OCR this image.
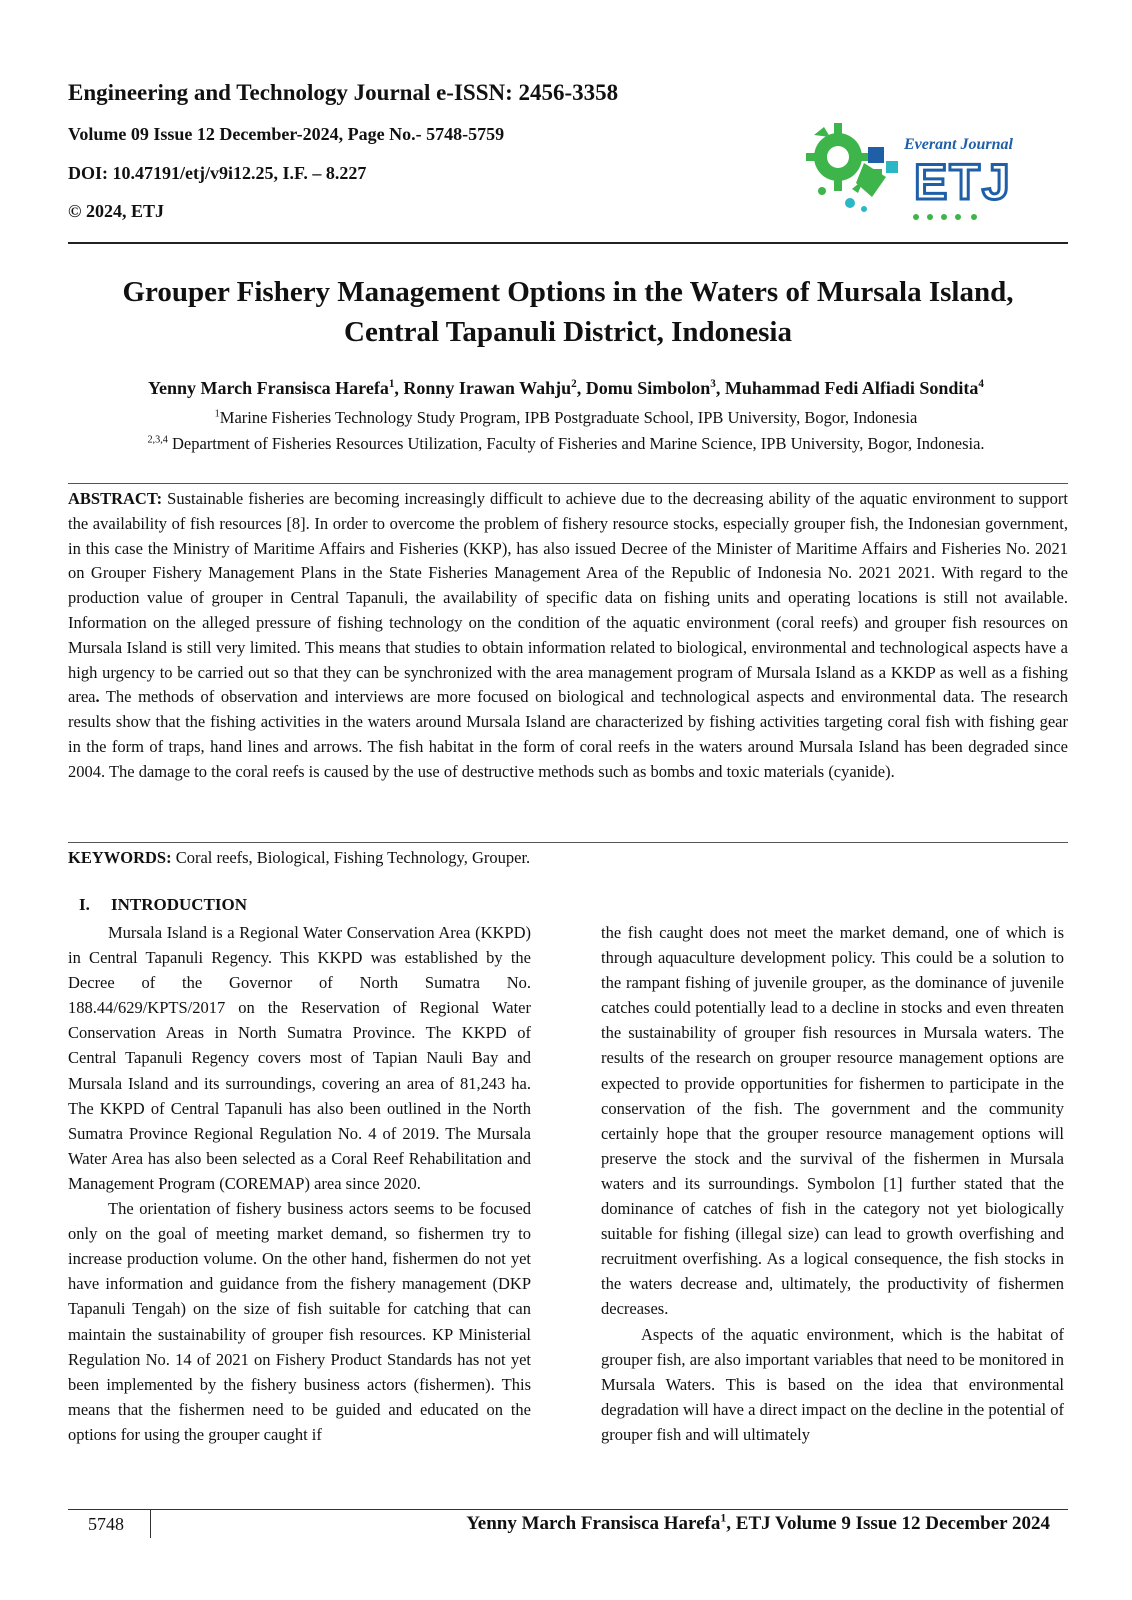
Engineering and Technology Journal e-ISSN: 2456-3358

Volume 09 Issue 12 December-2024, Page No.- 5748-5759

DOI: 10.47191/etj/v9i12.25, I.F. – 8.227

© 2024, ETJ

Everant Journal
ETJ
Grouper Fishery Management Options in the Waters of Mursala Island,
Central Tapanuli District, Indonesia

Yenny March Fransisca Harefa$^1$, Ronny Irawan Wahju$^2$, Domu Simbolon$^3$, Muhammad Fedi Alfiadi Sondita$^4$

$^1$Marine Fisheries Technology Study Program, IPB Postgraduate School, IPB University, Bogor, Indonesia

$^{2,3,4}$ Department of Fisheries Resources Utilization, Faculty of Fisheries and Marine Science, IPB University, Bogor, Indonesia.

ABSTRACT: Sustainable fisheries are becoming increasingly difficult to achieve due to the decreasing ability of the aquatic environment to support the availability of fish resources [8]. In order to overcome the problem of fishery resource stocks, especially grouper fish, the Indonesian government, in this case the Ministry of Maritime Affairs and Fisheries (KKP), has also issued Decree of the Minister of Maritime Affairs and Fisheries No. 2021 on Grouper Fishery Management Plans in the State Fisheries Management Area of the Republic of Indonesia No. 2021 2021. With regard to the production value of grouper in Central Tapanuli, the availability of specific data on fishing units and operating locations is still not available. Information on the alleged pressure of fishing technology on the condition of the aquatic environment (coral reefs) and grouper fish resources on Mursala Island is still very limited. This means that studies to obtain information related to biological, environmental and technological aspects have a high urgency to be carried out so that they can be synchronized with the area management program of Mursala Island as a KKDP as well as a fishing area. The methods of observation and interviews are more focused on biological and technological aspects and environmental data. The research results show that the fishing activities in the waters around Mursala Island are characterized by fishing activities targeting coral fish with fishing gear in the form of traps, hand lines and arrows. The fish habitat in the form of coral reefs in the waters around Mursala Island has been degraded since 2004. The damage to the coral reefs is caused by the use of destructive methods such as bombs and toxic materials (cyanide).

KEYWORDS: Coral reefs, Biological, Fishing Technology, Grouper.

I. INTRODUCTION

Mursala Island is a Regional Water Conservation Area (KKPD) in Central Tapanuli Regency. This KKPD was established by the Decree of the Governor of North Sumatra No. 188.44/629/KPTS/2017 on the Reservation of Regional Water Conservation Areas in North Sumatra Province. The KKPD of Central Tapanuli Regency covers most of Tapian Nauli Bay and Mursala Island and its surroundings, covering an area of 81,243 ha. The KKPD of Central Tapanuli has also been outlined in the North Sumatra Province Regional Regulation No. 4 of 2019. The Mursala Water Area has also been selected as a Coral Reef Rehabilitation and Management Program (COREMAP) area since 2020.

The orientation of fishery business actors seems to be focused only on the goal of meeting market demand, so fishermen try to increase production volume. On the other hand, fishermen do not yet have information and guidance from the fishery management (DKP Tapanuli Tengah) on the size of fish suitable for catching that can maintain the sustainability of grouper fish resources. KP Ministerial Regulation No. 14 of 2021 on Fishery Product Standards has not yet been implemented by the fishery business actors (fishermen). This means that the fishermen need to be guided and educated on the options for using the grouper caught if

the fish caught does not meet the market demand, one of which is through aquaculture development policy. This could be a solution to the rampant fishing of juvenile grouper, as the dominance of juvenile catches could potentially lead to a decline in stocks and even threaten the sustainability of grouper fish resources in Mursala waters. The results of the research on grouper resource management options are expected to provide opportunities for fishermen to participate in the conservation of the fish. The government and the community certainly hope that the grouper resource management options will preserve the stock and the survival of the fishermen in Mursala waters and its surroundings. Symbolon [1] further stated that the dominance of catches of fish in the category not yet biologically suitable for fishing (illegal size) can lead to growth overfishing and recruitment overfishing. As a logical consequence, the fish stocks in the waters decrease and, ultimately, the productivity of fishermen decreases.

Aspects of the aquatic environment, which is the habitat of grouper fish, are also important variables that need to be monitored in Mursala Waters. This is based on the idea that environmental degradation will have a direct impact on the decline in the potential of grouper fish and will ultimately

5748	Yenny March Fransisca Harefa$^1$, ETJ Volume 9 Issue 12 December 2024
